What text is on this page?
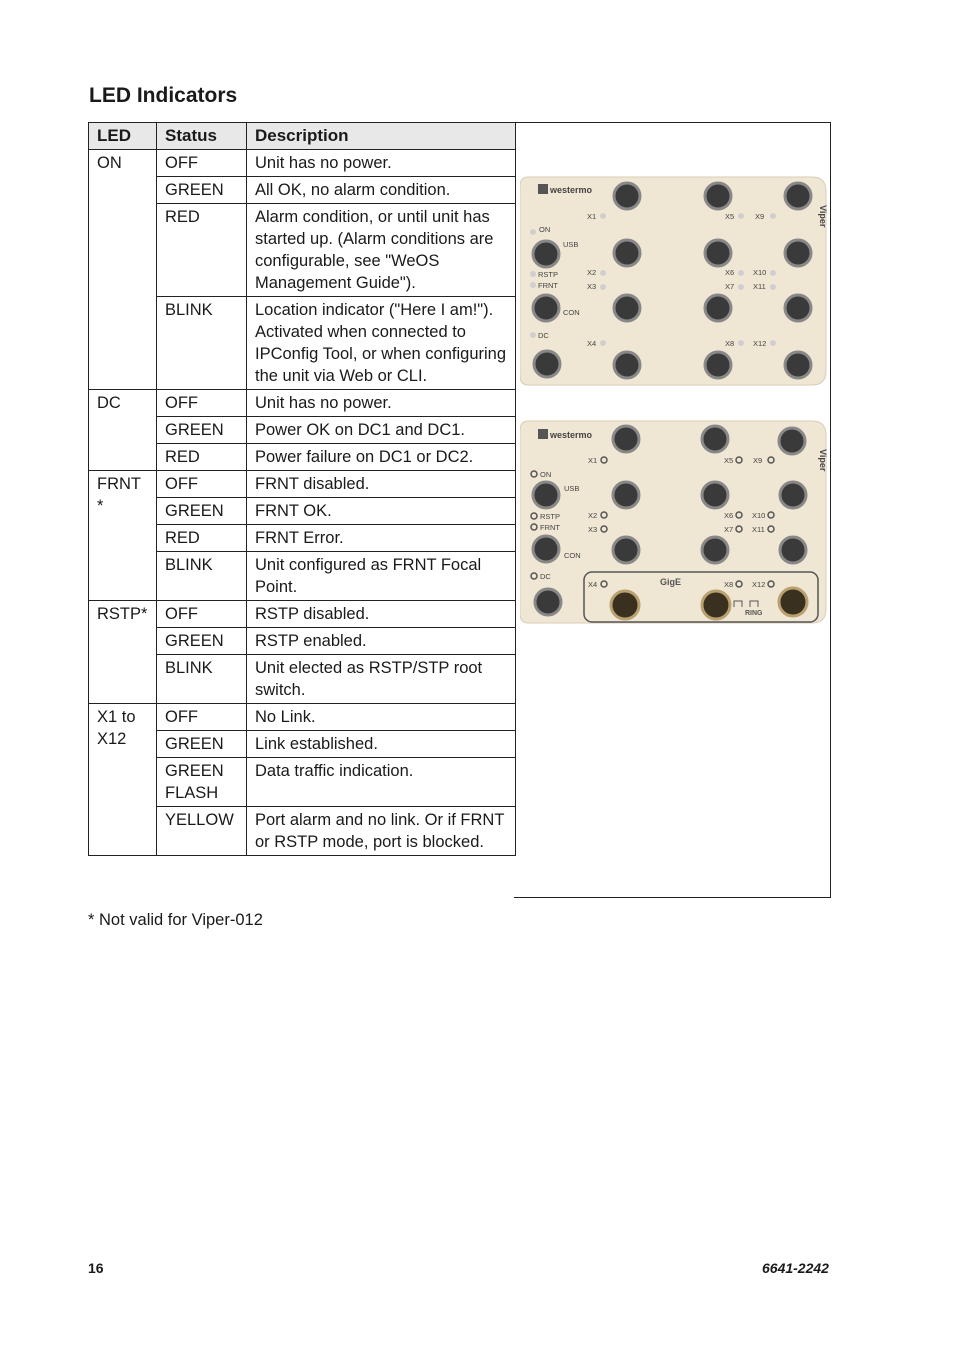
LED Indicators
LED	Status	Description
ON	OFF	Unit has no power.
	GREEN	All OK, no alarm condition.
	RED	Alarm condition, or until unit has started up. (Alarm conditions are configurable, see "WeOS Management Guide").
	BLINK	Location indicator ("Here I am!"). Activated when connected to IPConfig Tool, or when configuring the unit via Web or CLI.
DC	OFF	Unit has no power.
	GREEN	Power OK on DC1 and DC1.
	RED	Power failure on DC1 or DC2.
FRNT *	OFF	FRNT disabled.
	GREEN	FRNT OK.
	RED	FRNT Error.
	BLINK	Unit configured as FRNT Focal Point.
RSTP*	OFF	RSTP disabled.
	GREEN	RSTP enabled.
	BLINK	Unit elected as RSTP/STP root switch.
X1 to X12	OFF	No Link.
	GREEN	Link established.
	GREEN FLASH	Data traffic indication.
	YELLOW	Port alarm and no link. Or if FRNT or RSTP mode, port is blocked.
westermo
Viper
ON
USB
RSTP
FRNT
CON
DC
X1
X2
X3
X4
X5
X6
X7
X8
X9
X10
X11
X12
westermo
Viper
ON
USB
RSTP
FRNT
CON
DC
X1
X2
X3
X4
X5
X6
X7
X8
X9
X10
X11
X12
GigE
RING
* Not valid for Viper-012
16	6641-2242
